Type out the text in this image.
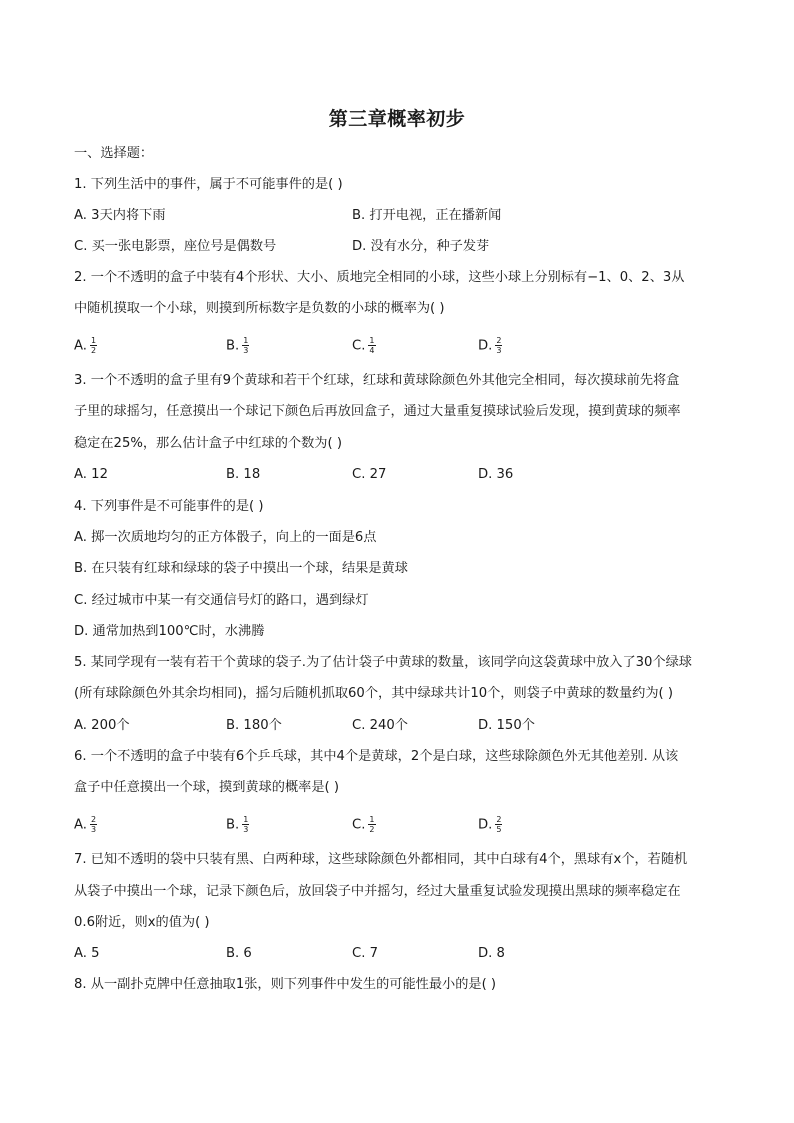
第三章概率初步
一、选择题：
1. 下列生活中的事件，属于不可能事件的是( )
A. 3天内将下雨	B. 打开电视，正在播新闻
C. 买一张电影票，座位号是偶数号	D. 没有水分，种子发芽
2. 一个不透明的盒子中装有4个形状、大小、质地完全相同的小球，这些小球上分别标有−1、0、2、3从
中随机摸取一个小球，则摸到所标数字是负数的小球的概率为( )
A. $\frac{1}{2}$	B. $\frac{1}{3}$	C. $\frac{1}{4}$	D. $\frac{2}{3}$
3. 一个不透明的盒子里有9个黄球和若干个红球，红球和黄球除颜色外其他完全相同，每次摸球前先将盒
子里的球摇匀，任意摸出一个球记下颜色后再放回盒子，通过大量重复摸球试验后发现，摸到黄球的频率
稳定在25%，那么估计盒子中红球的个数为( )
A. 12	B. 18	C. 27	D. 36
4. 下列事件是不可能事件的是( )
A. 掷一次质地均匀的正方体骰子，向上的一面是6点
B. 在只装有红球和绿球的袋子中摸出一个球，结果是黄球
C. 经过城市中某一有交通信号灯的路口，遇到绿灯
D. 通常加热到100℃时，水沸腾
5. 某同学现有一装有若干个黄球的袋子.为了估计袋子中黄球的数量，该同学向这袋黄球中放入了30个绿球
(所有球除颜色外其余均相同)，摇匀后随机抓取60个，其中绿球共计10个，则袋子中黄球的数量约为( )
A. 200个	B. 180个	C. 240个	D. 150个
6. 一个不透明的盒子中装有6个乒乓球，其中4个是黄球，2个是白球，这些球除颜色外无其他差别. 从该
盒子中任意摸出一个球，摸到黄球的概率是( )
A. $\frac{2}{3}$	B. $\frac{1}{3}$	C. $\frac{1}{2}$	D. $\frac{2}{5}$
7. 已知不透明的袋中只装有黑、白两种球，这些球除颜色外都相同，其中白球有4个，黑球有x个，若随机
从袋子中摸出一个球，记录下颜色后，放回袋子中并摇匀，经过大量重复试验发现摸出黑球的频率稳定在
0.6附近，则x的值为( )
A. 5	B. 6	C. 7	D. 8
8. 从一副扑克牌中任意抽取1张，则下列事件中发生的可能性最小的是( )
